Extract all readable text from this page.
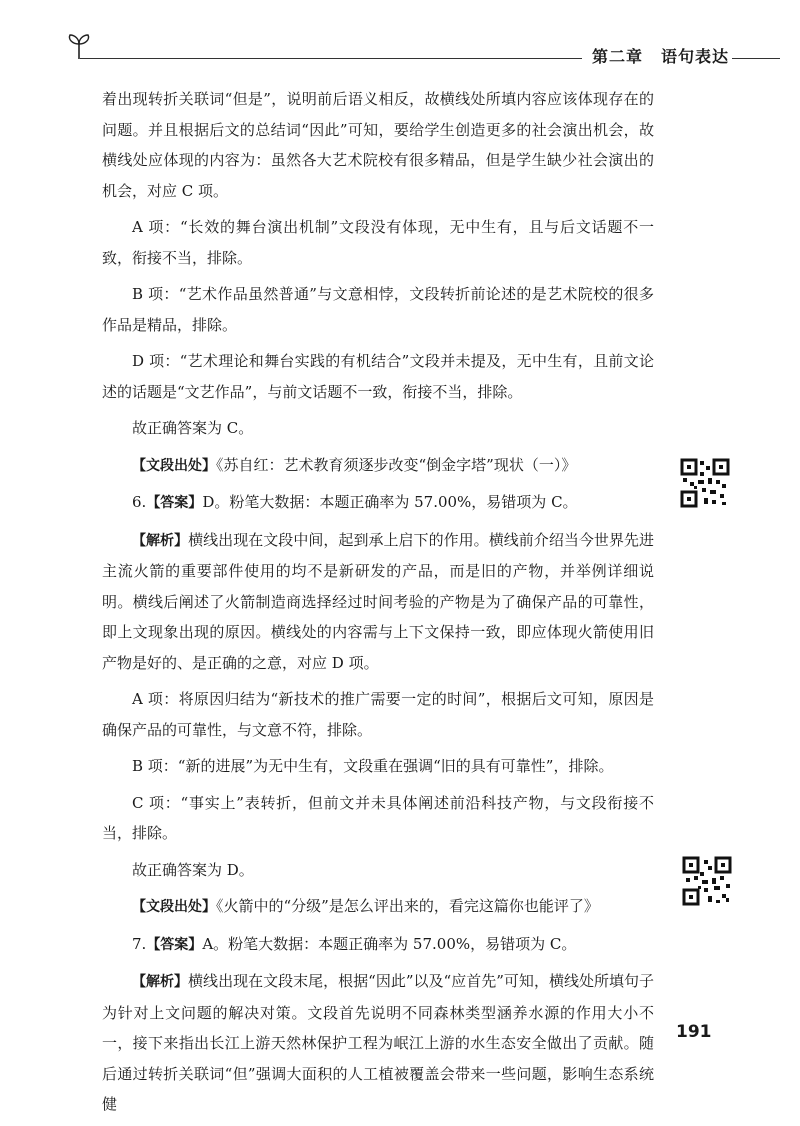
第二章 语句表达

着出现转折关联词“但是”，说明前后语义相反，故横线处所填内容应该体现存在的问题。并且根据后文的总结词“因此”可知，要给学生创造更多的社会演出机会，故横线处应体现的内容为：虽然各大艺术院校有很多精品，但是学生缺少社会演出的机会，对应 C 项。

A 项：“长效的舞台演出机制”文段没有体现，无中生有，且与后文话题不一致，衔接不当，排除。

B 项：“艺术作品虽然普通”与文意相悖，文段转折前论述的是艺术院校的很多作品是精品，排除。

D 项：“艺术理论和舞台实践的有机结合”文段并未提及，无中生有，且前文论述的话题是“文艺作品”，与前文话题不一致，衔接不当，排除。

故正确答案为 C。

【文段出处】《苏自红：艺术教育须逐步改变“倒金字塔”现状（一）》

6.【答案】D。粉笔大数据：本题正确率为 57.00%，易错项为 C。

【解析】横线出现在文段中间，起到承上启下的作用。横线前介绍当今世界先进主流火箭的重要部件使用的均不是新研发的产品，而是旧的产物，并举例详细说明。横线后阐述了火箭制造商选择经过时间考验的产物是为了确保产品的可靠性，即上文现象出现的原因。横线处的内容需与上下文保持一致，即应体现火箭使用旧产物是好的、是正确的之意，对应 D 项。

A 项：将原因归结为“新技术的推广需要一定的时间”，根据后文可知，原因是确保产品的可靠性，与文意不符，排除。

B 项：“新的进展”为无中生有，文段重在强调“旧的具有可靠性”，排除。

C 项：“事实上”表转折，但前文并未具体阐述前沿科技产物，与文段衔接不当，排除。

故正确答案为 D。

【文段出处】《火箭中的“分级”是怎么评出来的，看完这篇你也能评了》

7.【答案】A。粉笔大数据：本题正确率为 57.00%，易错项为 C。

【解析】横线出现在文段末尾，根据“因此”以及“应首先”可知，横线处所填句子为针对上文问题的解决对策。文段首先说明不同森林类型涵养水源的作用大小不一，接下来指出长江上游天然林保护工程为岷江上游的水生态安全做出了贡献。随后通过转折关联词“但”强调大面积的人工植被覆盖会带来一些问题，影响生态系统健

191
